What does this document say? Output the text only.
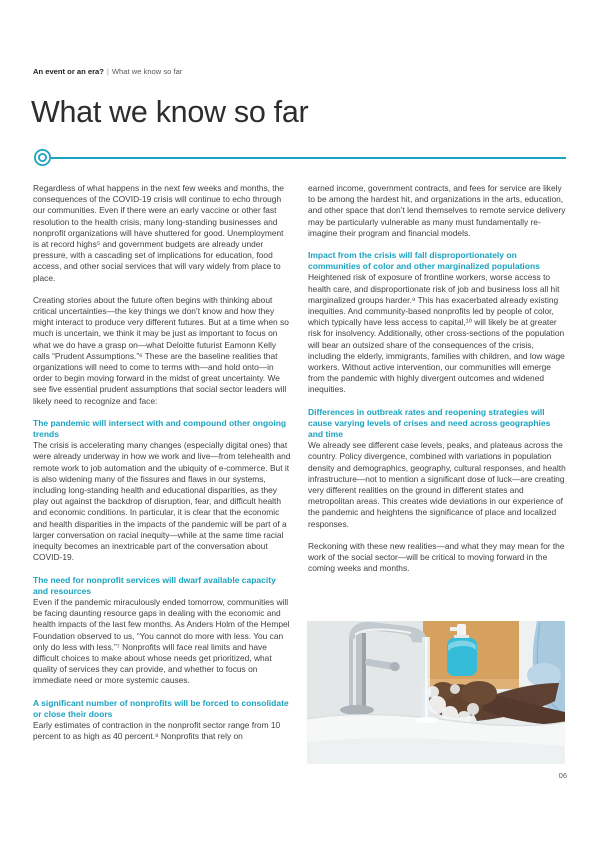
An event or an era? | What we know so far
What we know so far

Regardless of what happens in the next few weeks and months, the consequences of the COVID-19 crisis will continue to echo through our communities. Even if there were an early vaccine or other fast resolution to the health crisis, many long-standing businesses and nonprofit organizations will have shuttered for good. Unemployment is at record highs⁵ and government budgets are already under pressure, with a cascading set of implications for education, food access, and other social services that will vary widely from place to place.

Creating stories about the future often begins with thinking about critical uncertainties—the key things we don’t know and how they might interact to produce very different futures. But at a time when so much is uncertain, we think it may be just as important to focus on what we do have a grasp on—what Deloitte futurist Eamonn Kelly calls “Prudent Assumptions.”⁶ These are the baseline realities that organizations will need to come to terms with—and hold onto—in order to begin moving forward in the midst of great uncertainty. We see five essential prudent assumptions that social sector leaders will likely need to recognize and face:

The pandemic will intersect with and compound other ongoing trends

The crisis is accelerating many changes (especially digital ones) that were already underway in how we work and live—from telehealth and remote work to job automation and the ubiquity of e-commerce. But it is also widening many of the fissures and flaws in our systems, including long-standing health and educational disparities, as they play out against the backdrop of disruption, fear, and difficult health and economic conditions. In particular, it is clear that the economic and health disparities in the impacts of the pandemic will be part of a larger conversation on racial inequity—while at the same time racial inequity becomes an inextricable part of the conversation about COVID-19.

The need for nonprofit services will dwarf available capacity and resources

Even if the pandemic miraculously ended tomorrow, communities will be facing daunting resource gaps in dealing with the economic and health impacts of the last few months. As Anders Holm of the Hempel Foundation observed to us, “You cannot do more with less. You can only do less with less.”⁷ Nonprofits will face real limits and have difficult choices to make about whose needs get prioritized, what quality of services they can provide, and whether to focus on immediate need or more systemic causes.

A significant number of nonprofits will be forced to consolidate or close their doors

Early estimates of contraction in the nonprofit sector range from 10 percent to as high as 40 percent.⁸ Nonprofits that rely on

earned income, government contracts, and fees for service are likely to be among the hardest hit, and organizations in the arts, education, and other space that don’t lend themselves to remote service delivery may be particularly vulnerable as many must fundamentally re-imagine their program and financial models.

Impact from the crisis will fall disproportionately on communities of color and other marginalized populations

Heightened risk of exposure of frontline workers, worse access to health care, and disproportionate risk of job and business loss all hit marginalized groups harder.⁹ This has exacerbated already existing inequities. And community-based nonprofits led by people of color, which typically have less access to capital,¹⁰ will likely be at greater risk for insolvency. Additionally, other cross-sections of the population will bear an outsized share of the consequences of the crisis, including the elderly, immigrants, families with children, and low wage workers. Without active intervention, our communities will emerge from the pandemic with highly divergent outcomes and widened inequities.

Differences in outbreak rates and reopening strategies will cause varying levels of crises and need across geographies and time

We already see different case levels, peaks, and plateaus across the country. Policy divergence, combined with variations in population density and demographics, geography, cultural responses, and health infrastructure—not to mention a significant dose of luck—are creating very different realities on the ground in different states and metropolitan areas. This creates wide deviations in our experience of the pandemic and heightens the significance of place and localized responses.

Reckoning with these new realities—and what they may mean for the work of the social sector—will be critical to moving forward in the coming weeks and months.

06
